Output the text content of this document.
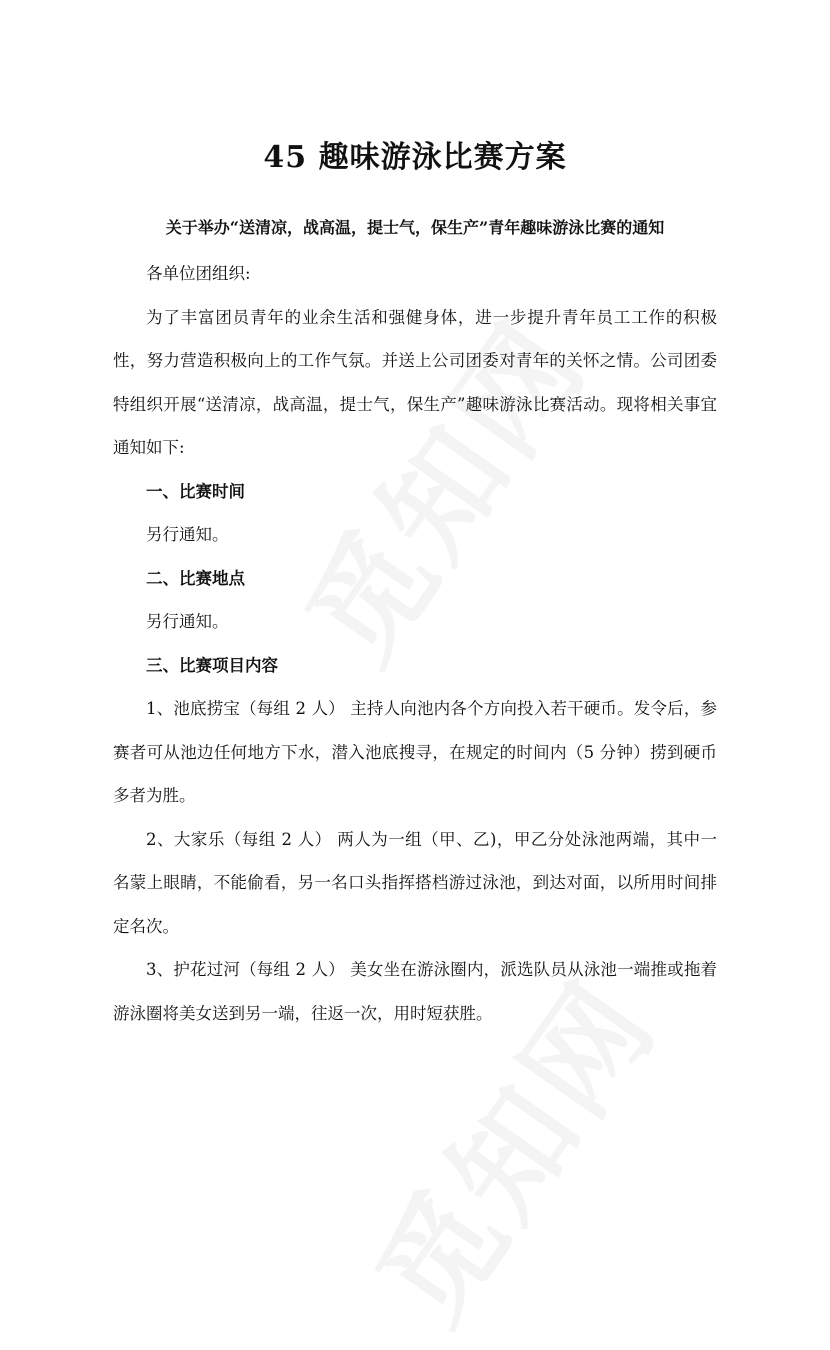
45 趣味游泳比赛方案
关于举办“送清凉，战高温，提士气，保生产”青年趣味游泳比赛的通知

各单位团组织:

为了丰富团员青年的业余生活和强健身体，进一步提升青年员工工作的积极性，努力营造积极向上的工作气氛。并送上公司团委对青年的关怀之情。公司团委特组织开展“送清凉，战高温，提士气，保生产”趣味游泳比赛活动。现将相关事宜通知如下:

一、比赛时间

另行通知。

二、比赛地点

另行通知。

三、比赛项目内容

1、池底捞宝（每组 2 人） 主持人向池内各个方向投入若干硬币。发令后，参赛者可从池边任何地方下水，潜入池底搜寻，在规定的时间内（5 分钟）捞到硬币多者为胜。

2、大家乐（每组 2 人） 两人为一组（甲、乙)，甲乙分处泳池两端，其中一名蒙上眼睛，不能偷看，另一名口头指挥搭档游过泳池，到达对面，以所用时间排定名次。

3、护花过河（每组 2 人） 美女坐在游泳圈内，派选队员从泳池一端推或拖着游泳圈将美女送到另一端，往返一次，用时短获胜。
